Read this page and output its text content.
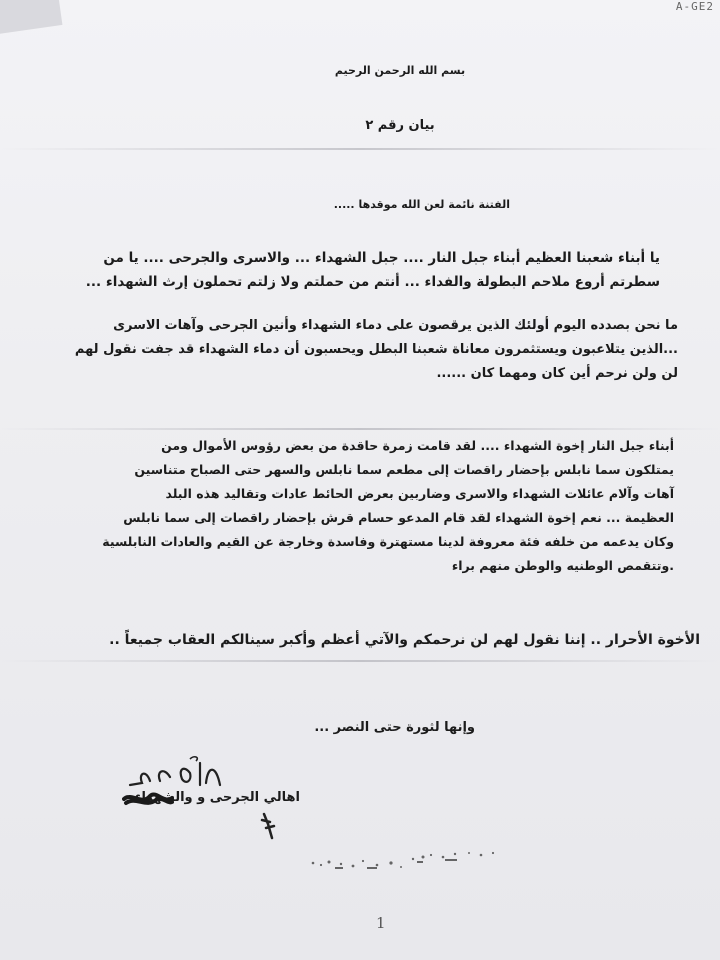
A-GE2
بسم الله الرحمن الرحيم
بيان رقم ٢
الفتنة نائمة لعن الله موقدها .....
يا أبناء شعبنا العظيم أبناء جبل النار .... جبل الشهداء ... والاسرى والجرحى .... يا من
سطرتم أروع ملاحم البطولة والفداء ... أنتم من حملتم ولا زلتم تحملون إرث الشهداء ...
ما نحن بصدده اليوم أولئك الذين يرقصون على دماء الشهداء وأنين الجرحى وآهات الاسرى
...الذين يتلاعبون ويستثمرون معاناة شعبنا البطل ويحسبون أن دماء الشهداء قد جفت نقول لهم
لن ولن نرحم أين كان ومهما كان ......
أبناء جبل النار إخوة الشهداء .... لقد قامت زمرة حاقدة من بعض رؤوس الأموال ومن
يمتلكون سما نابلس بإحضار راقصات إلى مطعم سما نابلس والسهر حتى الصباح متناسين
آهات وآلام عائلات الشهداء والاسرى وضاربين بعرض الحائط عادات وتقاليد هذه البلد
العظيمة ... نعم إخوة الشهداء لقد قام المدعو حسام قرش بإحضار راقصات إلى سما نابلس
وكان يدعمه من خلفه فئة معروفة لدينا مستهترة وفاسدة وخارجة عن القيم والعادات النابلسية
.وتتقمص الوطنيه والوطن منهم براء
الأخوة الأحرار .. إننا نقول لهم لن نرحمكم والآتي أعظم وأكبر سينالكم العقاب جميعاً ..
وإنها لثورة حتى النصر ...
اهالي الجرحى و والشهداء
1
